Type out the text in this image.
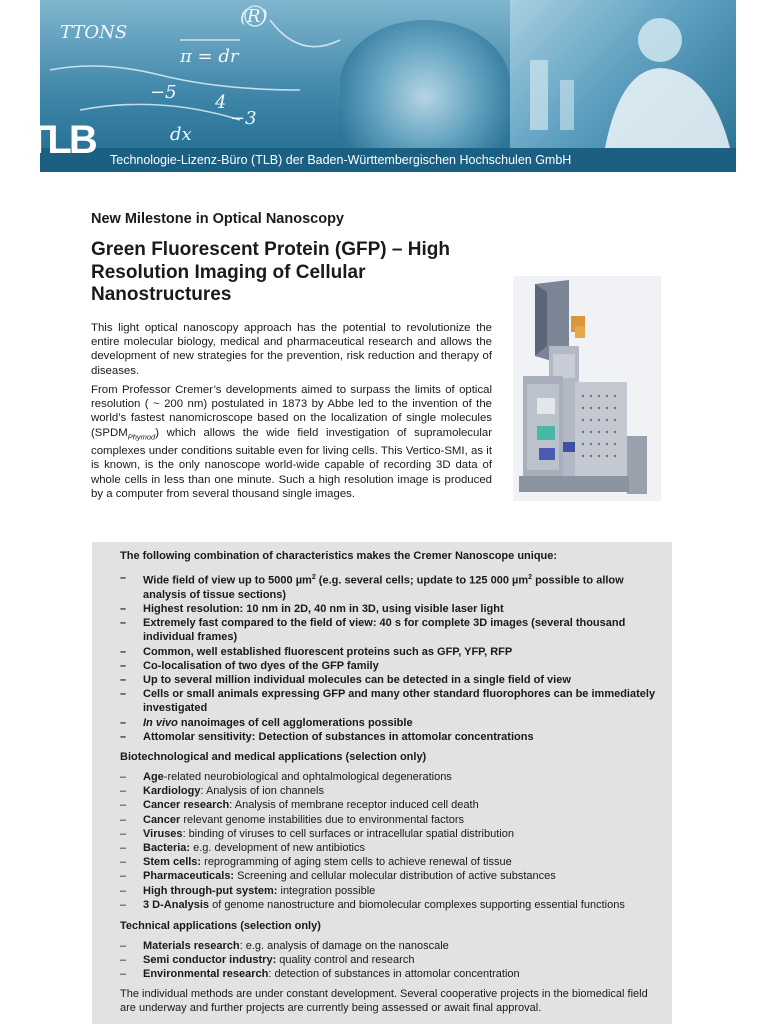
TTONS
π = dr
−5 4
−3
(R)
dx
TLB Technologie-Lizenz-Büro (TLB) der Baden-Württembergischen Hochschulen GmbH
New Milestone in Optical Nanoscopy
Green Fluorescent Protein (GFP) – High Resolution Imaging of Cellular Nanostructures

This light optical nanoscopy approach has the potential to revolutionize the entire molecular biology, medical and pharmaceutical research and allows the development of new strategies for the prevention, risk reduction and therapy of diseases.

From Professor Cremer’s developments aimed to surpass the limits of optical resolution ( ~ 200 nm) postulated in 1873 by Abbe led to the invention of the world’s fastest nanomicroscope based on the localization of single molecules $(SPDM_{Phymod})$ which allows the wide field investigation of supramolecular complexes under conditions suitable even for living cells. This Vertico-SMI, as it is known, is the only nanoscope world-wide capable of recording 3D data of whole cells in less than one minute. Such a high resolution image is produced by a computer from several thousand single images.

The following combination of characteristics makes the Cremer Nanoscope unique:

– Wide field of view up to 5000 µm$^2$ (e.g. several cells; update to 125 000 µm$^2$ possible to allow analysis of tissue sections)
– Highest resolution: 10 nm in 2D, 40 nm in 3D, using visible laser light
– Extremely fast compared to the field of view: 40 s for complete 3D images (several thousand individual frames)
– Common, well established fluorescent proteins such as GFP, YFP, RFP
– Co-localisation of two dyes of the GFP family
– Up to several million individual molecules can be detected in a single field of view
– Cells or small animals expressing GFP and many other standard fluorophores can be immediately investigated
– In vivo nanoimages of cell agglomerations possible
– Attomolar sensitivity: Detection of substances in attomolar concentrations

Biotechnological and medical applications (selection only)

– Age-related neurobiological and ophtalmological degenerations
– Kardiology: Analysis of ion channels
– Cancer research: Analysis of membrane receptor induced cell death
– Cancer relevant genome instabilities due to environmental factors
– Viruses: binding of viruses to cell surfaces or intracellular spatial distribution
– Bacteria: e.g. development of new antibiotics
– Stem cells: reprogramming of aging stem cells to achieve renewal of tissue
– Pharmaceuticals: Screening and cellular molecular distribution of active substances
– High through-put system: integration possible
– 3 D-Analysis of genome nanostructure and biomolecular complexes supporting essential functions

Technical applications (selection only)

– Materials research: e.g. analysis of damage on the nanoscale
– Semi conductor industry: quality control and research
– Environmental research: detection of substances in attomolar concentration

The individual methods are under constant development. Several cooperative projects in the biomedical field are underway and further projects are currently being assessed or await final approval.
